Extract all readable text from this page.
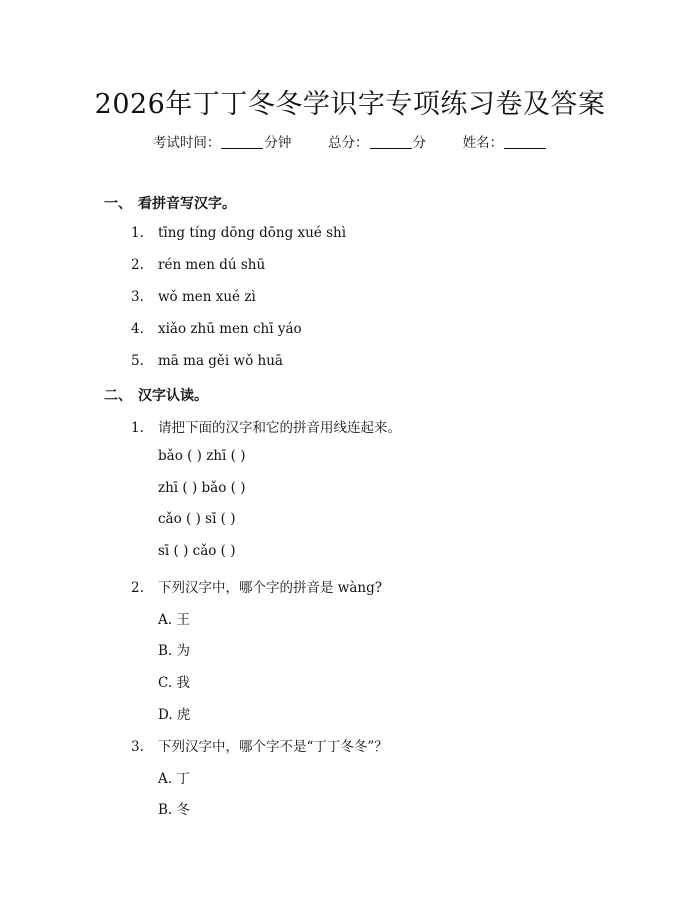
2026年丁丁冬冬学识字专项练习卷及答案
考试时间：	分钟	总分：	分	姓名：
一、 看拼音写汉字。
1. tīng tíng dōng dōng xué shì
2. rén men dú shū
3. wǒ men xué zì
4. xiǎo zhū men chī yáo
5. mā ma gěi wǒ huā
二、 汉字认读。
1. 请把下面的汉字和它的拼音用线连起来。
bǎo ( ) zhī ( )
zhī ( ) bǎo ( )
cǎo ( ) sī ( )
sī ( ) cǎo ( )
2. 下列汉字中，哪个字的拼音是 wàng?
A. 王
B. 为
C. 我
D. 虎
3. 下列汉字中，哪个字不是“丁丁冬冬”？
A. 丁
B. 冬
